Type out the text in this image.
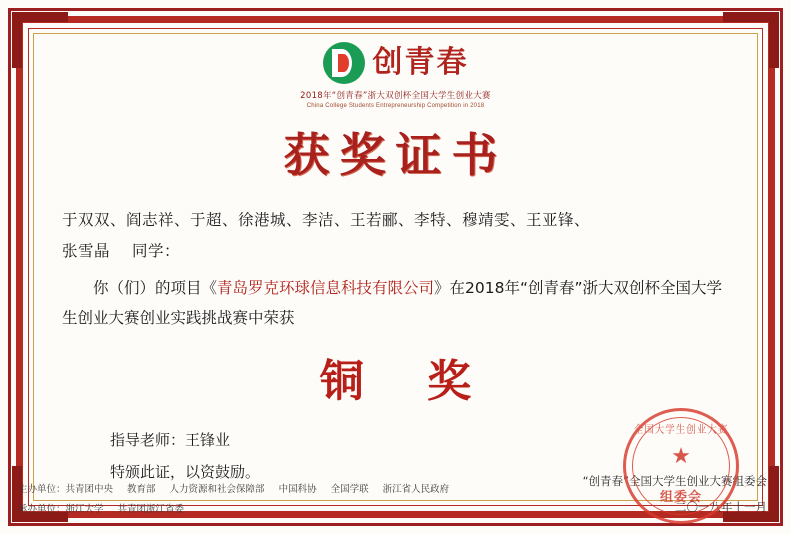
创青春
2018年“创青春”浙大双创杯全国大学生创业大赛
China College Students Entrepreneurship Competition in 2018
获奖证书
于双双、阎志祥、于超、徐港城、李洁、王若郦、李特、穆靖雯、王亚锋、
张雪晶 同学：
你（们）的项目《青岛罗克环球信息科技有限公司》在2018年“创青春”浙大双创杯全国大学生创业大赛创业实践挑战赛中荣获
铜 奖
指导老师：王锋业
特颁此证，以资鼓励。
主办单位：共青团中央 教育部 人力资源和社会保障部 中国科协 全国学联 浙江省人民政府
承办单位：浙江大学 共青团浙江省委
“创青春”全国大学生创业大赛组委会
二〇一八年十一月
全国大学生创业大赛
★
组委会
